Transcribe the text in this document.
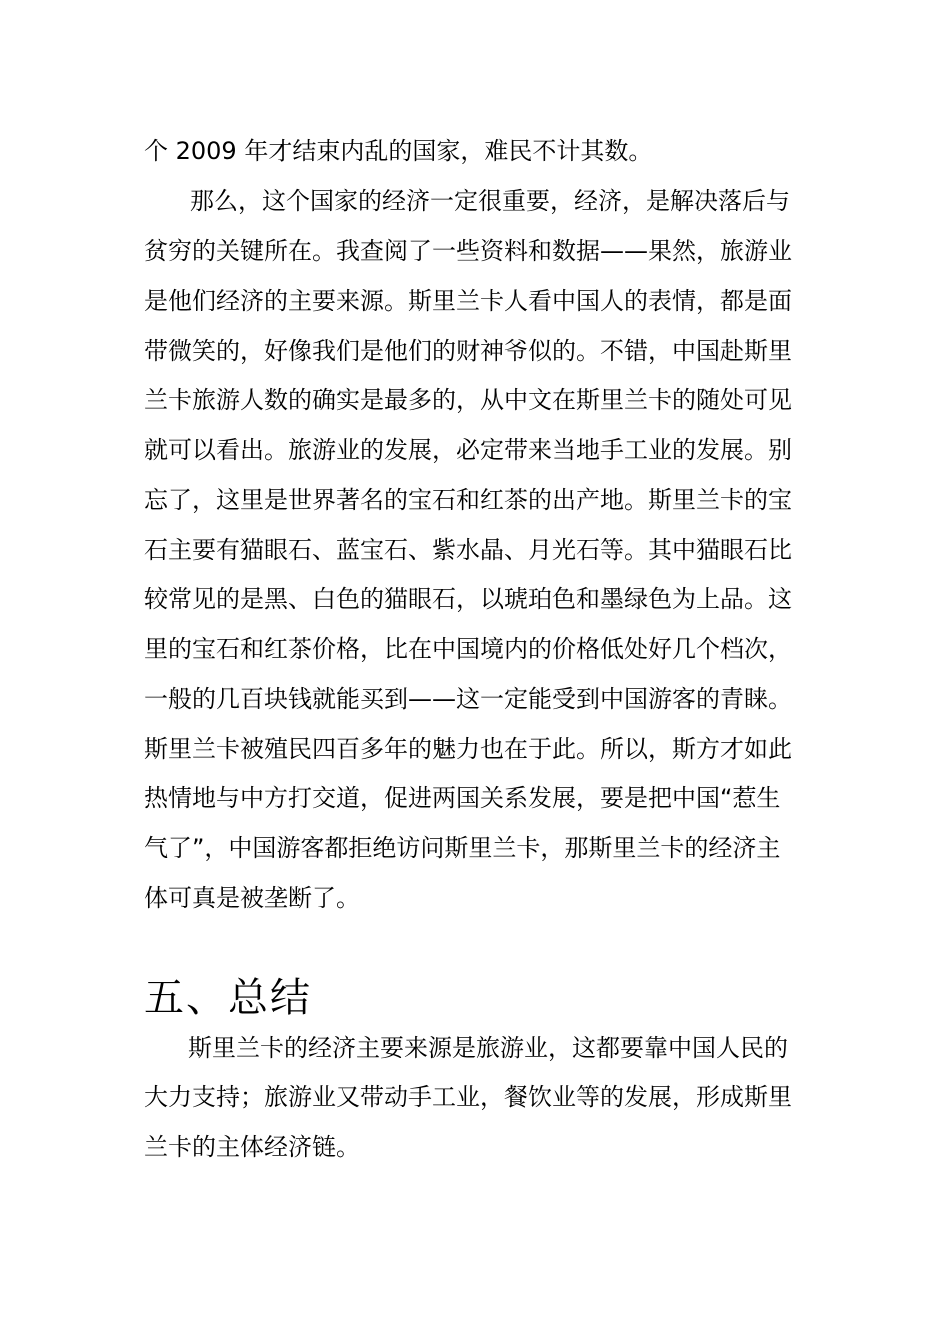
个 2009 年才结束内乱的国家，难民不计其数。
那么，这个国家的经济一定很重要，经济，是解决落后与
贫穷的关键所在。我查阅了一些资料和数据——果然，旅游业
是他们经济的主要来源。斯里兰卡人看中国人的表情，都是面
带微笑的，好像我们是他们的财神爷似的。不错，中国赴斯里
兰卡旅游人数的确实是最多的，从中文在斯里兰卡的随处可见
就可以看出。旅游业的发展，必定带来当地手工业的发展。别
忘了，这里是世界著名的宝石和红茶的出产地。斯里兰卡的宝
石主要有猫眼石、蓝宝石、紫水晶、月光石等。其中猫眼石比
较常见的是黑、白色的猫眼石，以琥珀色和墨绿色为上品。这
里的宝石和红茶价格，比在中国境内的价格低处好几个档次，
一般的几百块钱就能买到——这一定能受到中国游客的青睐。
斯里兰卡被殖民四百多年的魅力也在于此。所以，斯方才如此
热情地与中方打交道，促进两国关系发展，要是把中国“惹生
气了”，中国游客都拒绝访问斯里兰卡，那斯里兰卡的经济主
体可真是被垄断了。
五、总结
斯里兰卡的经济主要来源是旅游业，这都要靠中国人民的
大力支持；旅游业又带动手工业，餐饮业等的发展，形成斯里
兰卡的主体经济链。
